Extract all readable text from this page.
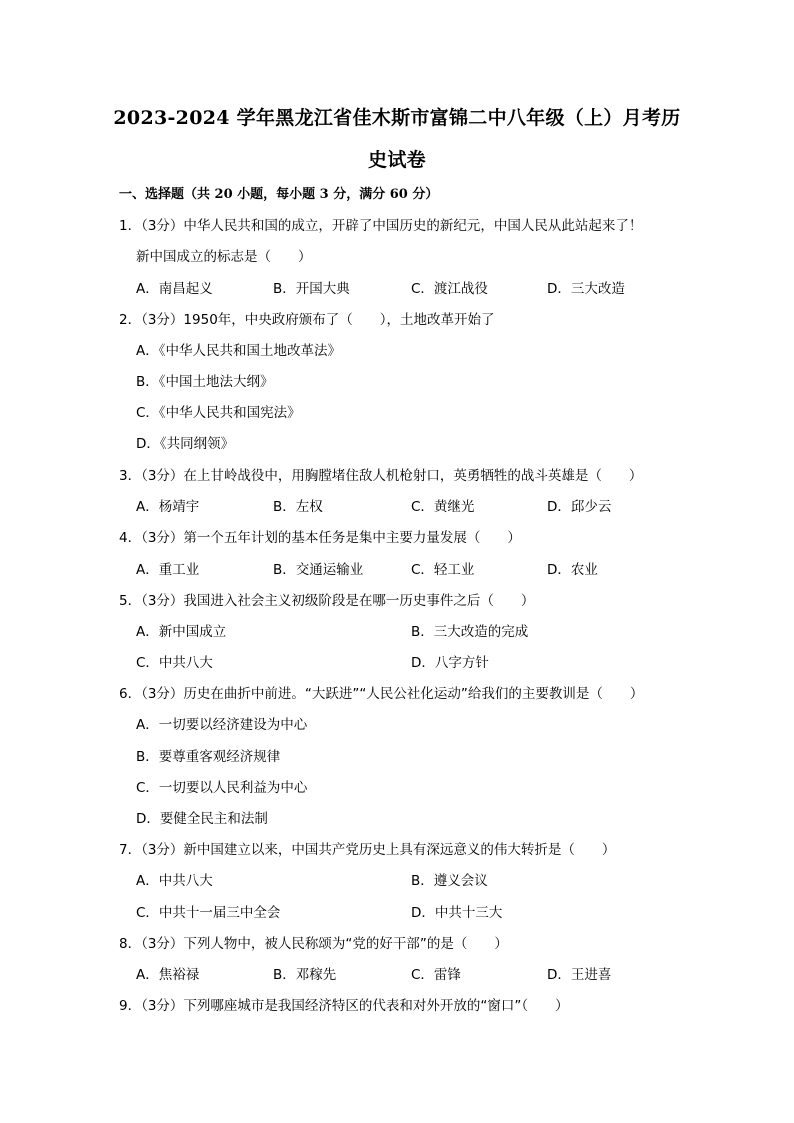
2023-2024 学年黑龙江省佳木斯市富锦二中八年级（上）月考历
史试卷
一、选择题（共 20 小题，每小题 3 分，满分 60 分）
1．（3分）中华人民共和国的成立，开辟了中国历史的新纪元，中国人民从此站起来了！
新中国成立的标志是（　　）
A．南昌起义	B．开国大典	C．渡江战役	D．三大改造
2．（3分）1950年，中央政府颁布了（　　），土地改革开始了
A．《中华人民共和国土地改革法》
B．《中国土地法大纲》
C．《中华人民共和国宪法》
D．《共同纲领》
3．（3分）在上甘岭战役中，用胸膛堵住敌人机枪射口，英勇牺牲的战斗英雄是（　　）
A．杨靖宇	B．左权	C．黄继光	D．邱少云
4．（3分）第一个五年计划的基本任务是集中主要力量发展（　　）
A．重工业	B．交通运输业	C．轻工业	D．农业
5．（3分）我国进入社会主义初级阶段是在哪一历史事件之后（　　）
A．新中国成立	B．三大改造的完成
C．中共八大	D．八字方针
6．（3分）历史在曲折中前进。“大跃进”“人民公社化运动”给我们的主要教训是（　　）
A．一切要以经济建设为中心
B．要尊重客观经济规律
C．一切要以人民利益为中心
D．要健全民主和法制
7．（3分）新中国建立以来，中国共产党历史上具有深远意义的伟大转折是（　　）
A．中共八大	B．遵义会议
C．中共十一届三中全会	D．中共十三大
8．（3分）下列人物中，被人民称颂为“党的好干部”的是（　　）
A．焦裕禄	B．邓稼先	C．雷锋	D．王进喜
9．（3分）下列哪座城市是我国经济特区的代表和对外开放的“窗口”（　　）
